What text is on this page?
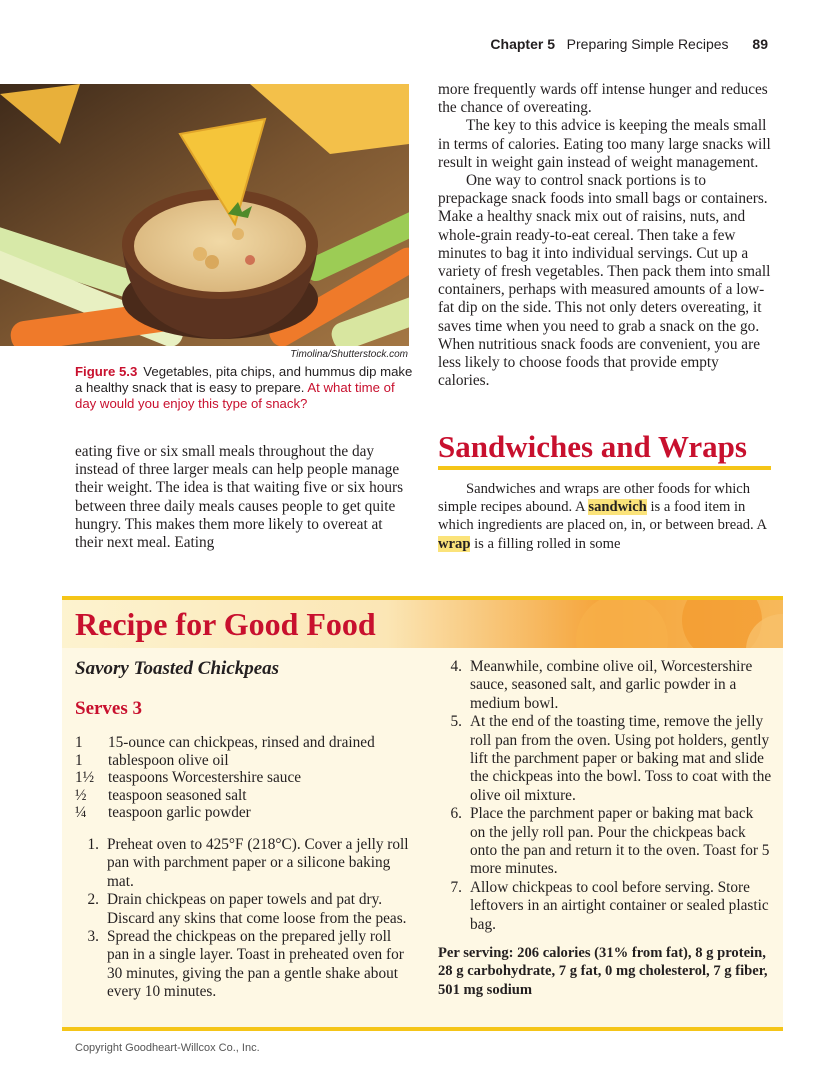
Chapter 5 Preparing Simple Recipes 89
Timolina/Shutterstock.com
Figure 5.3 Vegetables, pita chips, and hummus dip make a healthy snack that is easy to prepare. At what time of day would you enjoy this type of snack?

eating five or six small meals throughout the day instead of three larger meals can help people manage their weight. The idea is that waiting five or six hours between three daily meals causes people to get quite hungry. This makes them more likely to overeat at their next meal. Eating

more frequently wards off intense hunger and reduces the chance of overeating.

The key to this advice is keeping the meals small in terms of calories. Eating too many large snacks will result in weight gain instead of weight management.

One way to control snack portions is to prepackage snack foods into small bags or containers. Make a healthy snack mix out of raisins, nuts, and whole-grain ready-to-eat cereal. Then take a few minutes to bag it into individual servings. Cut up a variety of fresh vegetables. Then pack them into small containers, perhaps with measured amounts of a low-fat dip on the side. This not only deters overeating, it saves time when you need to grab a snack on the go. When nutritious snack foods are convenient, you are less likely to choose foods that provide empty calories.

Sandwiches and Wraps

Sandwiches and wraps are other foods for which simple recipes abound. A sandwich is a food item in which ingredients are placed on, in, or between bread. A wrap is a filling rolled in some

Recipe for Good Food
Savory Toasted Chickpeas
Serves 3
1	15-ounce can chickpeas, rinsed and drained
1	tablespoon olive oil
1½ teaspoons Worcestershire sauce
½	teaspoon seasoned salt
¼	teaspoon garlic powder
1. Preheat oven to 425°F (218°C). Cover a jelly roll pan with parchment paper or a silicone baking mat.
2. Drain chickpeas on paper towels and pat dry. Discard any skins that come loose from the peas.
3. Spread the chickpeas on the prepared jelly roll pan in a single layer. Toast in preheated oven for 30 minutes, giving the pan a gentle shake about every 10 minutes.
4. Meanwhile, combine olive oil, Worcestershire sauce, seasoned salt, and garlic powder in a medium bowl.
5. At the end of the toasting time, remove the jelly roll pan from the oven. Using pot holders, gently lift the parchment paper or baking mat and slide the chickpeas into the bowl. Toss to coat with the olive oil mixture.
6. Place the parchment paper or baking mat back on the jelly roll pan. Pour the chickpeas back onto the pan and return it to the oven. Toast for 5 more minutes.
7. Allow chickpeas to cool before serving. Store leftovers in an airtight container or sealed plastic bag.
Per serving: 206 calories (31% from fat), 8 g protein, 28 g carbohydrate, 7 g fat, 0 mg cholesterol, 7 g fiber, 501 mg sodium
Copyright Goodheart-Willcox Co., Inc.
